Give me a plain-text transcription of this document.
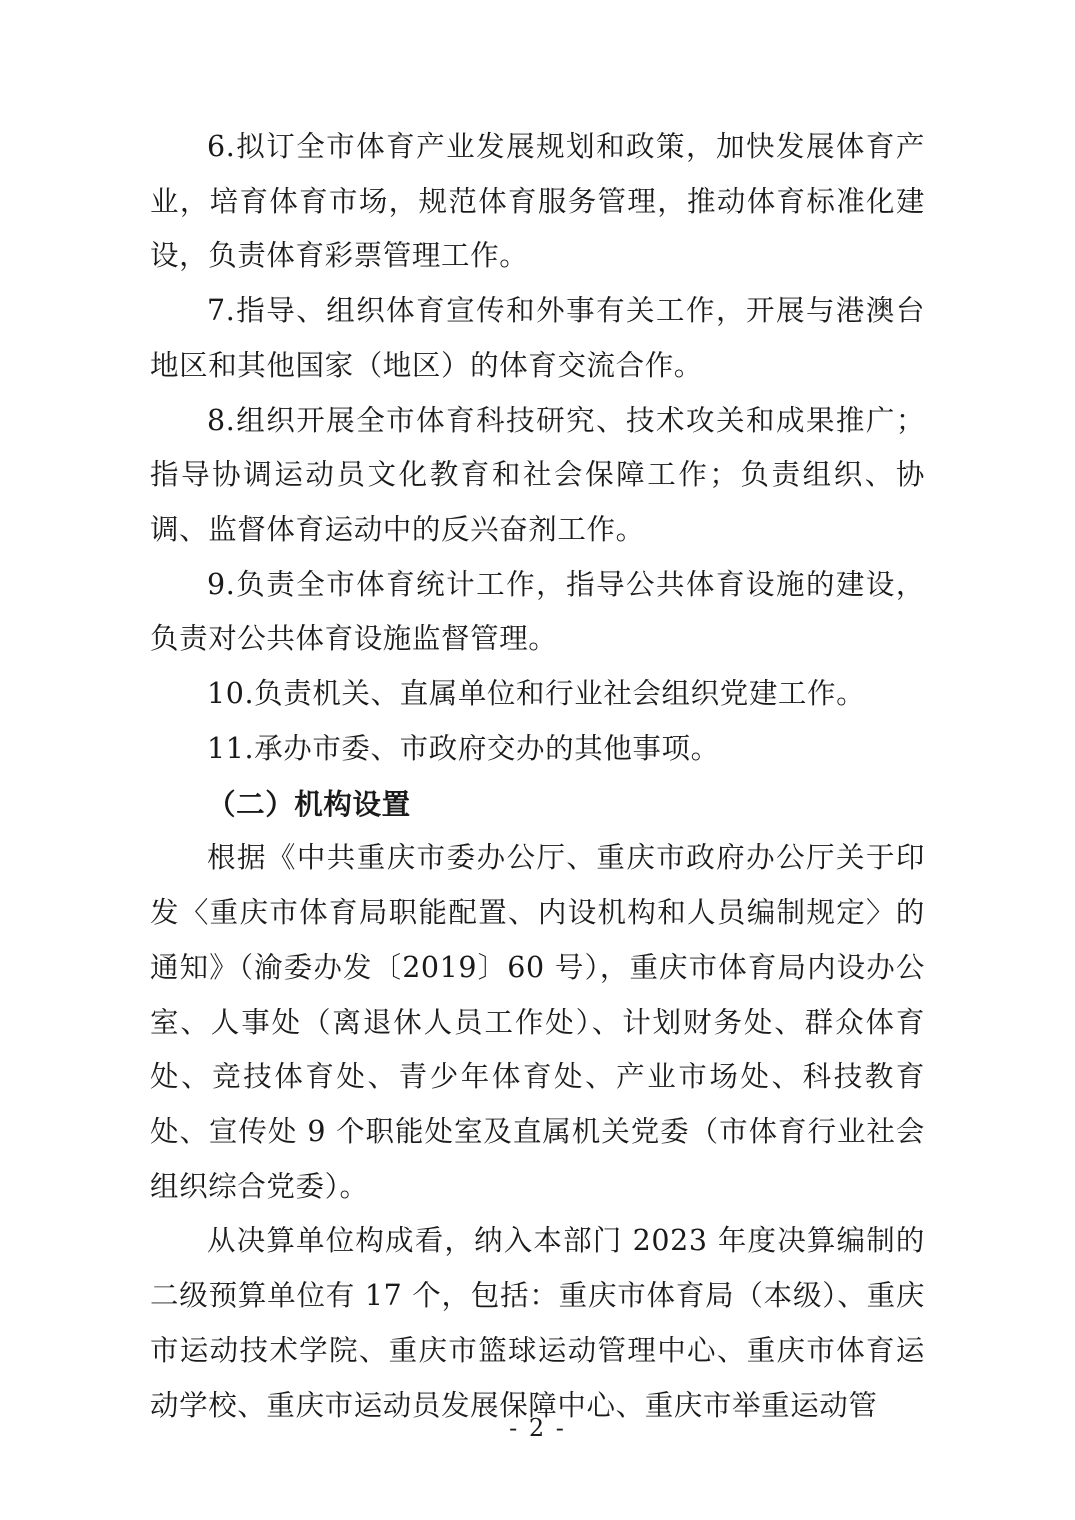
6.拟订全市体育产业发展规划和政策，加快发展体育产业，培育体育市场，规范体育服务管理，推动体育标准化建设，负责体育彩票管理工作。

7.指导、组织体育宣传和外事有关工作，开展与港澳台地区和其他国家（地区）的体育交流合作。

8.组织开展全市体育科技研究、技术攻关和成果推广；指导协调运动员文化教育和社会保障工作；负责组织、协调、监督体育运动中的反兴奋剂工作。

9.负责全市体育统计工作，指导公共体育设施的建设，负责对公共体育设施监督管理。

10.负责机关、直属单位和行业社会组织党建工作。

11.承办市委、市政府交办的其他事项。

（二）机构设置

根据《中共重庆市委办公厅、重庆市政府办公厅关于印发〈重庆市体育局职能配置、内设机构和人员编制规定〉的通知》（渝委办发〔2019〕60 号），重庆市体育局内设办公室、人事处（离退休人员工作处）、计划财务处、群众体育处、竞技体育处、青少年体育处、产业市场处、科技教育处、宣传处 9 个职能处室及直属机关党委（市体育行业社会组织综合党委）。

从决算单位构成看，纳入本部门 2023 年度决算编制的二级预算单位有 17 个，包括：重庆市体育局（本级）、重庆市运动技术学院、重庆市篮球运动管理中心、重庆市体育运动学校、重庆市运动员发展保障中心、重庆市举重运动管

- 2 -
